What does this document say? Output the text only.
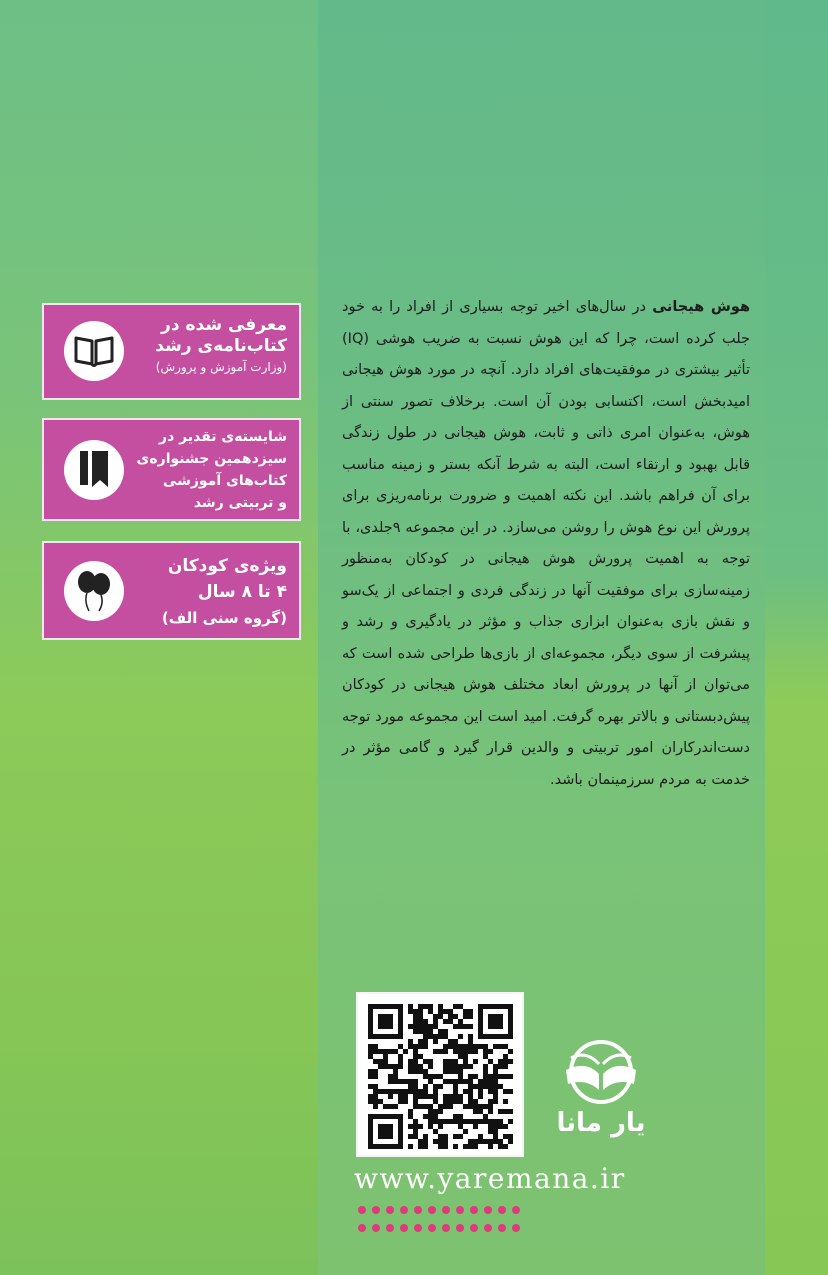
معرفی شده در
کتاب‌نامه‌ی رشد
(وزارت آموزش و پرورش)
شایسته‌ی تقدیر در
سیزدهمین جشنواره‌ی
کتاب‌های آموزشی
و تربیتی رشد
ویژه‌ی کودکان
۴ تا ۸ سال
(گروه سنی الف)
هوش هیجانی در سال‌های اخیر توجه بسیاری از افراد را به خود جلب کرده است، چرا که این هوش نسبت به ضریب هوشی (IQ) تأثیر بیشتری در موفقیت‌های افراد دارد. آنچه در مورد هوش هیجانی امیدبخش است، اکتسابی بودن آن است. برخلاف تصور سنتی از هوش، به‌عنوان امری ذاتی و ثابت، هوش هیجانی در طول زندگی قابل بهبود و ارتقاء است، البته به شرط آنکه بستر و زمینه مناسب برای آن فراهم باشد. این نکته اهمیت و ضرورت برنامه‌ریزی برای پرورش این نوع هوش را روشن می‌سازد. در این مجموعه ۹جلدی، با توجه به اهمیت پرورش هوش هیجانی در کودکان به‌منظور زمینه‌سازی برای موفقیت آنها در زندگی فردی و اجتماعی از یک‌سو و نقش بازی به‌عنوان ابزاری جذاب و مؤثر در یادگیری و رشد و پیشرفت از سوی دیگر، مجموعه‌ای از بازی‌ها طراحی شده است که می‌توان از آنها در پرورش ابعاد مختلف هوش هیجانی در کودکان پیش‌دبستانی و بالاتر بهره گرفت. امید است این مجموعه مورد توجه دست‌اندرکاران امور تربیتی و والدین قرار گیرد و گامی مؤثر در خدمت به مردم سرزمینمان باشد.
یار مانا
www.yaremana.ir
